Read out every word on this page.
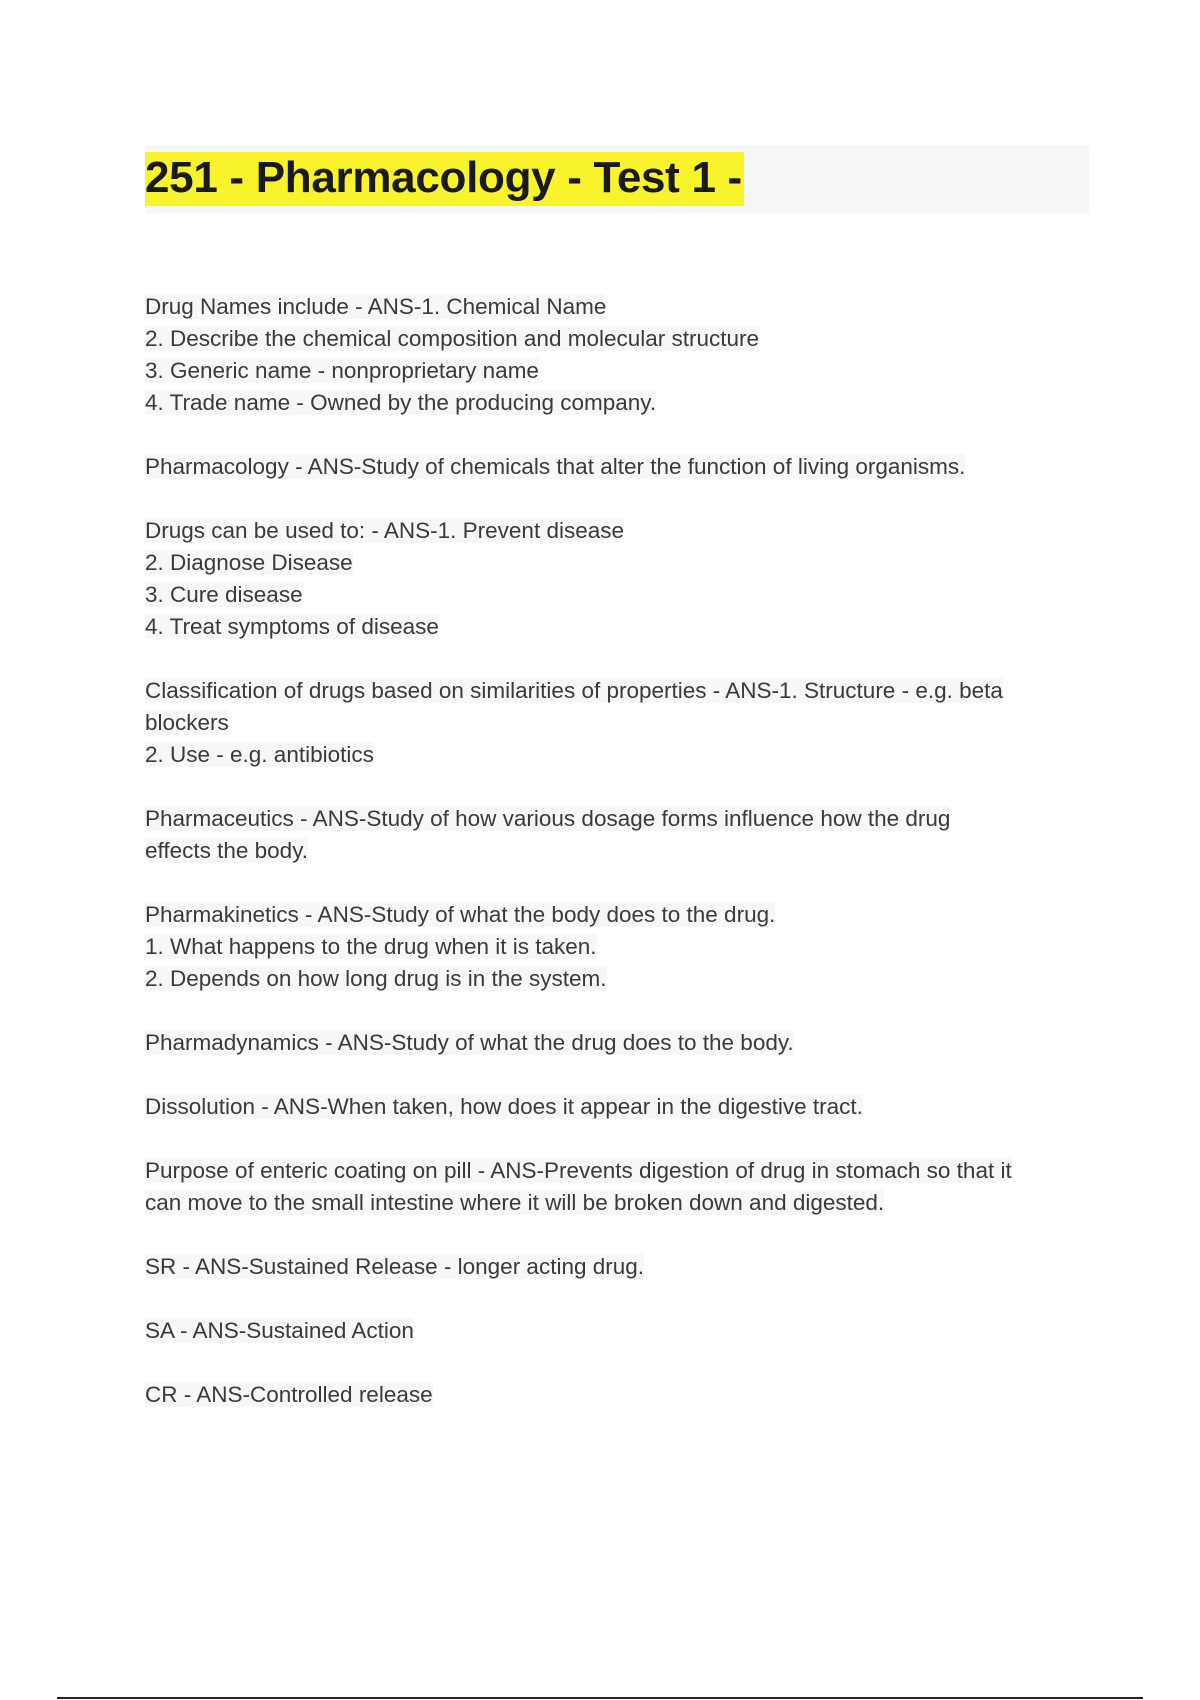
251 - Pharmacology - Test 1 -
Drug Names include - ANS-1. Chemical Name
2. Describe the chemical composition and molecular structure
3. Generic name - nonproprietary name
4. Trade name - Owned by the producing company.
Pharmacology - ANS-Study of chemicals that alter the function of living organisms.
Drugs can be used to: - ANS-1. Prevent disease
2. Diagnose Disease
3. Cure disease
4. Treat symptoms of disease
Classification of drugs based on similarities of properties - ANS-1. Structure - e.g. beta
blockers
2. Use - e.g. antibiotics
Pharmaceutics - ANS-Study of how various dosage forms influence how the drug
effects the body.
Pharmakinetics - ANS-Study of what the body does to the drug.
1. What happens to the drug when it is taken.
2. Depends on how long drug is in the system.
Pharmadynamics - ANS-Study of what the drug does to the body.
Dissolution - ANS-When taken, how does it appear in the digestive tract.
Purpose of enteric coating on pill - ANS-Prevents digestion of drug in stomach so that it
can move to the small intestine where it will be broken down and digested.
SR - ANS-Sustained Release - longer acting drug.
SA - ANS-Sustained Action
CR - ANS-Controlled release
